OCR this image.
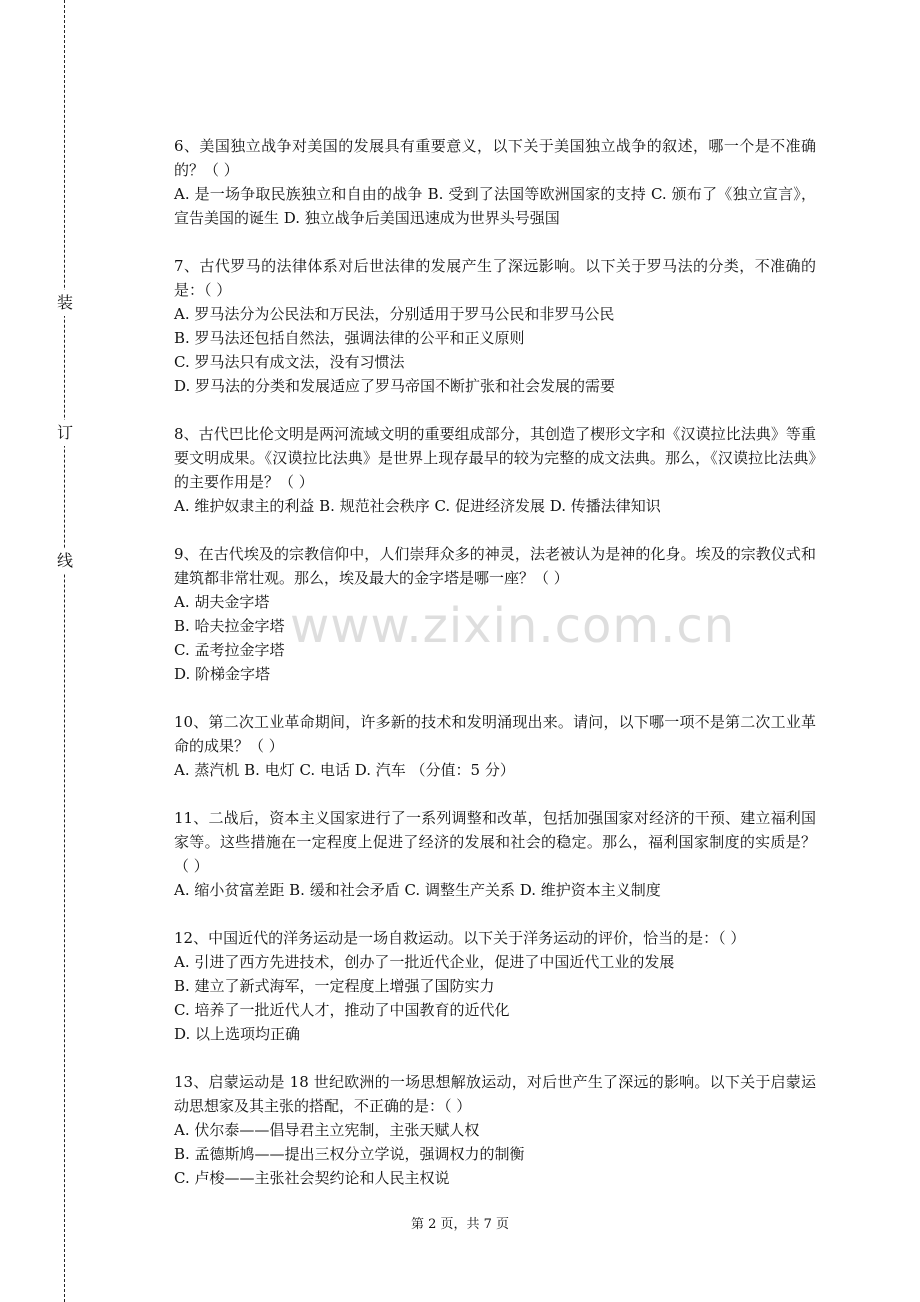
装
订
线

6、美国独立战争对美国的发展具有重要意义，以下关于美国独立战争的叙述，哪一个是不准确的？（ ）

A. 是一场争取民族独立和自由的战争 B. 受到了法国等欧洲国家的支持 C. 颁布了《独立宣言》，宣告美国的诞生 D. 独立战争后美国迅速成为世界头号强国

7、古代罗马的法律体系对后世法律的发展产生了深远影响。以下关于罗马法的分类，不准确的是：（ ）

A. 罗马法分为公民法和万民法，分别适用于罗马公民和非罗马公民

B. 罗马法还包括自然法，强调法律的公平和正义原则

C. 罗马法只有成文法，没有习惯法

D. 罗马法的分类和发展适应了罗马帝国不断扩张和社会发展的需要

8、古代巴比伦文明是两河流域文明的重要组成部分，其创造了楔形文字和《汉谟拉比法典》等重要文明成果。《汉谟拉比法典》是世界上现存最早的较为完整的成文法典。那么，《汉谟拉比法典》的主要作用是？（ ）

A. 维护奴隶主的利益 B. 规范社会秩序 C. 促进经济发展 D. 传播法律知识

9、在古代埃及的宗教信仰中，人们崇拜众多的神灵，法老被认为是神的化身。埃及的宗教仪式和建筑都非常壮观。那么，埃及最大的金字塔是哪一座？（ ）

A. 胡夫金字塔

B. 哈夫拉金字塔

C. 孟考拉金字塔

D. 阶梯金字塔

10、第二次工业革命期间，许多新的技术和发明涌现出来。请问，以下哪一项不是第二次工业革命的成果？（ ）

A. 蒸汽机 B. 电灯 C. 电话 D. 汽车 （分值：5 分）

11、二战后，资本主义国家进行了一系列调整和改革，包括加强国家对经济的干预、建立福利国家等。这些措施在一定程度上促进了经济的发展和社会的稳定。那么，福利国家制度的实质是？（ ）

A. 缩小贫富差距 B. 缓和社会矛盾 C. 调整生产关系 D. 维护资本主义制度

12、中国近代的洋务运动是一场自救运动。以下关于洋务运动的评价，恰当的是：（ ）

A. 引进了西方先进技术，创办了一批近代企业，促进了中国近代工业的发展

B. 建立了新式海军，一定程度上增强了国防实力

C. 培养了一批近代人才，推动了中国教育的近代化

D. 以上选项均正确

13、启蒙运动是 18 世纪欧洲的一场思想解放运动，对后世产生了深远的影响。以下关于启蒙运动思想家及其主张的搭配，不正确的是：（ ）

A. 伏尔泰——倡导君主立宪制，主张天赋人权

B. 孟德斯鸠——提出三权分立学说，强调权力的制衡

C. 卢梭——主张社会契约论和人民主权说

www.zixin.com.cn
第 2 页，共 7 页
